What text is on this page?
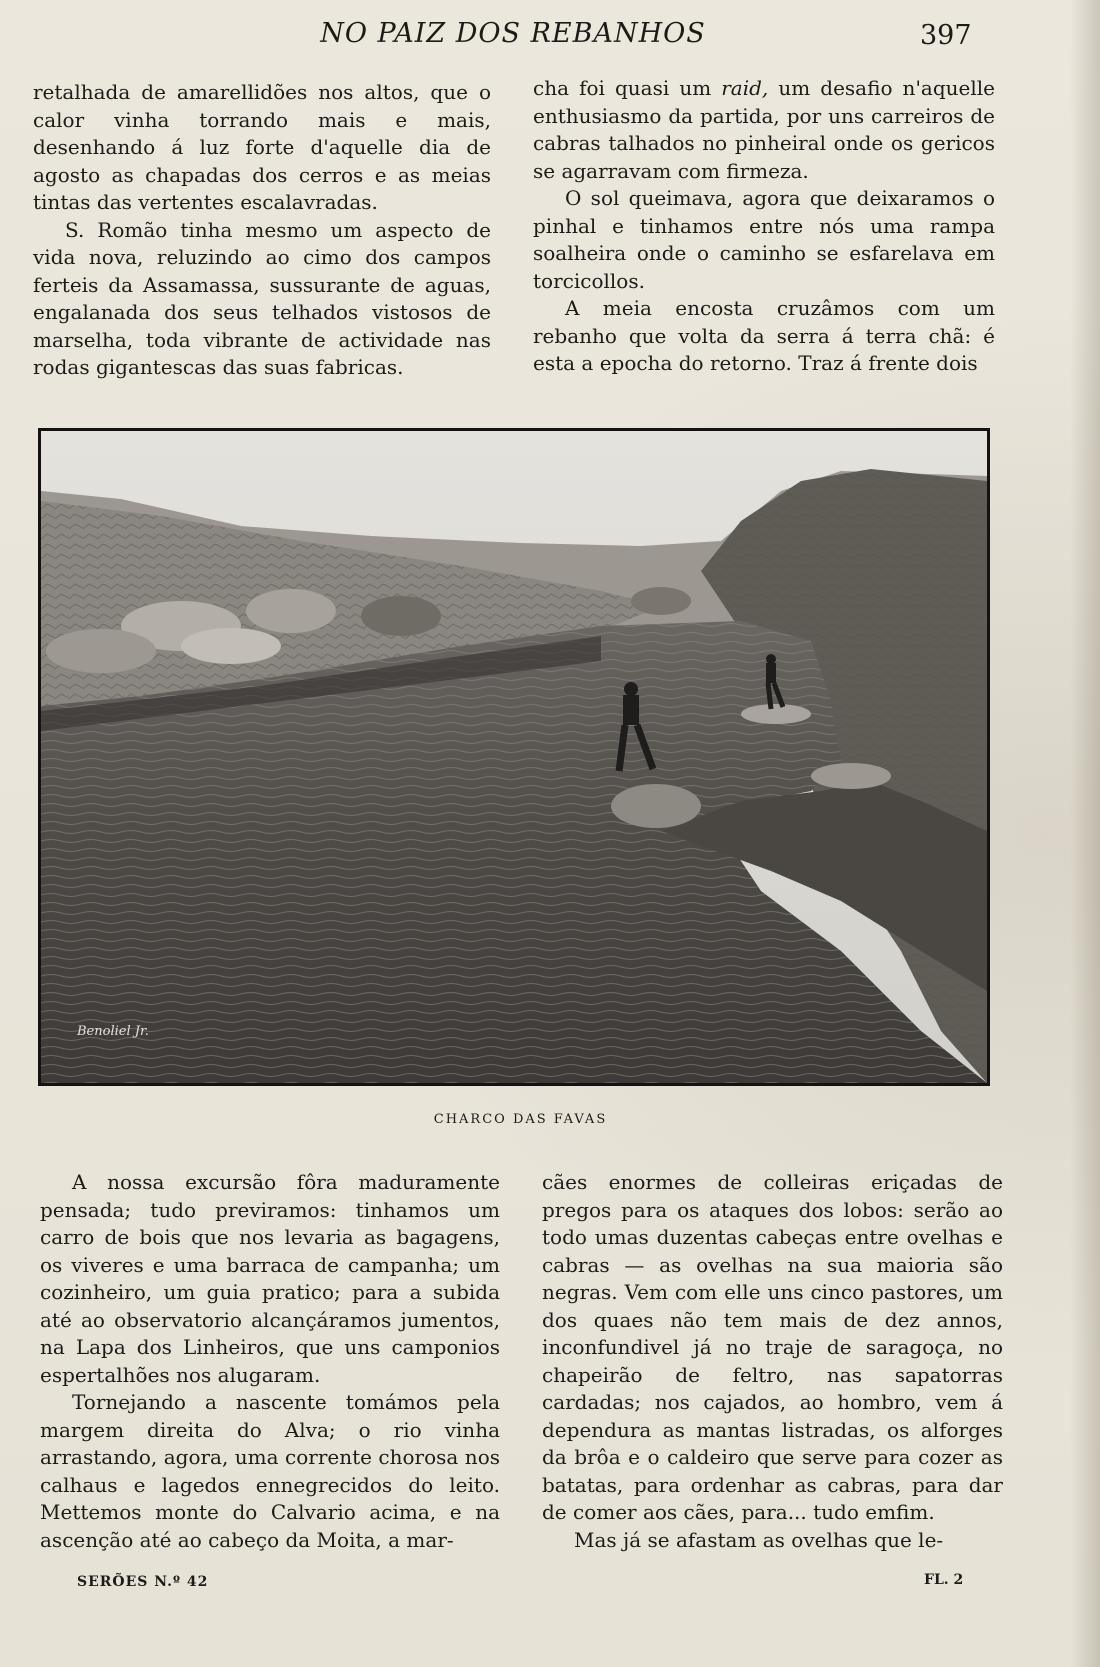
NO PAIZ DOS REBANHOS	397

retalhada de amarellidões nos altos, que o calor vinha torrando mais e mais, desenhando á luz forte d'aquelle dia de agosto as chapadas dos cerros e as meias tintas das vertentes escalavradas.

S. Romão tinha mesmo um aspecto de vida nova, reluzindo ao cimo dos campos ferteis da Assamassa, sussurante de aguas, engalanada dos seus telhados vistosos de marselha, toda vibrante de actividade nas rodas gigantescas das suas fabricas.

cha foi quasi um raid, um desafio n'aquelle enthusiasmo da partida, por uns carreiros de cabras talhados no pinheiral onde os gericos se agarravam com firmeza.

O sol queimava, agora que deixaramos o pinhal e tinhamos entre nós uma rampa soalheira onde o caminho se esfarelava em torcicollos.

A meia encosta cruzâmos com um rebanho que volta da serra á terra chã: é esta a epocha do retorno. Traz á frente dois

Benoliel Jr.
CHARCO DAS FAVAS

A nossa excursão fôra maduramente pensada; tudo previramos: tinhamos um carro de bois que nos levaria as bagagens, os viveres e uma barraca de campanha; um cozinheiro, um guia pratico; para a subida até ao observatorio alcançáramos jumentos, na Lapa dos Linheiros, que uns camponios espertalhões nos alugaram.

Tornejando a nascente tomámos pela margem direita do Alva; o rio vinha arrastando, agora, uma corrente chorosa nos calhaus e lagedos ennegrecidos do leito. Mettemos monte do Calvario acima, e na ascenção até ao cabeço da Moita, a mar-

cães enormes de colleiras eriçadas de pregos para os ataques dos lobos: serão ao todo umas duzentas cabeças entre ovelhas e cabras — as ovelhas na sua maioria são negras. Vem com elle uns cinco pastores, um dos quaes não tem mais de dez annos, inconfundivel já no traje de saragoça, no chapeirão de feltro, nas sapatorras cardadas; nos cajados, ao hombro, vem á dependura as mantas listradas, os alforges da brôa e o caldeiro que serve para cozer as batatas, para ordenhar as cabras, para dar de comer aos cães, para... tudo emfim.

Mas já se afastam as ovelhas que le-

SERÕES N.º 42	FL. 2
